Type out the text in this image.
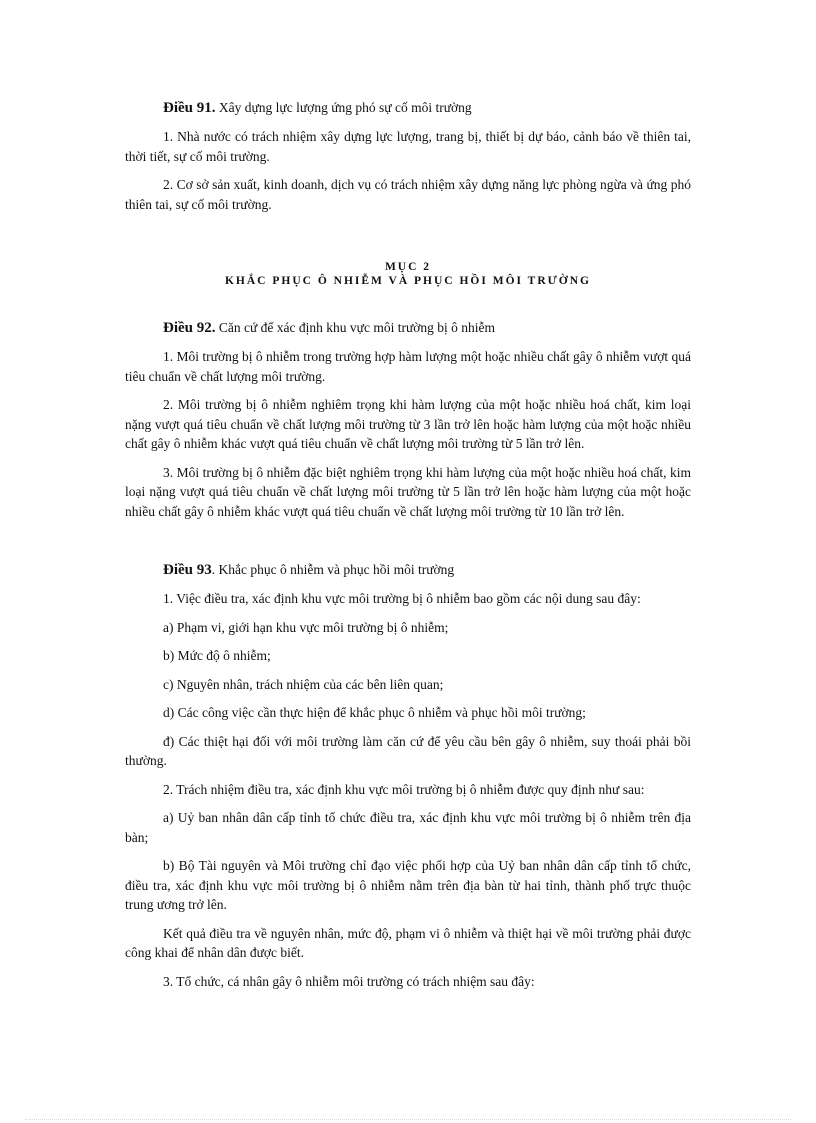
Điều 91. Xây dựng lực lượng ứng phó sự cố môi trường

1. Nhà nước có trách nhiệm xây dựng lực lượng, trang bị, thiết bị dự báo, cảnh báo về thiên tai, thời tiết, sự cố môi trường.

2. Cơ sở sản xuất, kinh doanh, dịch vụ có trách nhiệm xây dựng năng lực phòng ngừa và ứng phó thiên tai, sự cố môi trường.

MỤC 2

KHẮC PHỤC Ô NHIỄM VÀ PHỤC HỒI MÔI TRƯỜNG

Điều 92. Căn cứ để xác định khu vực môi trường bị ô nhiễm

1. Môi trường bị ô nhiễm trong trường hợp hàm lượng một hoặc nhiều chất gây ô nhiễm vượt quá tiêu chuẩn về chất lượng môi trường.

2. Môi trường bị ô nhiễm nghiêm trọng khi hàm lượng của một hoặc nhiều hoá chất, kim loại nặng vượt quá tiêu chuẩn về chất lượng môi trường từ 3 lần trở lên hoặc hàm lượng của một hoặc nhiều chất gây ô nhiễm khác vượt quá tiêu chuẩn về chất lượng môi trường từ 5 lần trở lên.

3. Môi trường bị ô nhiễm đặc biệt nghiêm trọng khi hàm lượng của một hoặc nhiều hoá chất, kim loại nặng vượt quá tiêu chuẩn về chất lượng môi trường từ 5 lần trở lên hoặc hàm lượng của một hoặc nhiều chất gây ô nhiễm khác vượt quá tiêu chuẩn về chất lượng môi trường từ 10 lần trở lên.

Điều 93. Khắc phục ô nhiễm và phục hồi môi trường

1. Việc điều tra, xác định khu vực môi trường bị ô nhiễm bao gồm các nội dung sau đây:

a) Phạm vi, giới hạn khu vực môi trường bị ô nhiễm;

b) Mức độ ô nhiễm;

c) Nguyên nhân, trách nhiệm của các bên liên quan;

d) Các công việc cần thực hiện để khắc phục ô nhiễm và phục hồi môi trường;

đ) Các thiệt hại đối với môi trường làm căn cứ để yêu cầu bên gây ô nhiễm, suy thoái phải bồi thường.

2. Trách nhiệm điều tra, xác định khu vực môi trường bị ô nhiễm được quy định như sau:

a) Uỷ ban nhân dân cấp tỉnh tổ chức điều tra, xác định khu vực môi trường bị ô nhiễm trên địa bàn;

b) Bộ Tài nguyên và Môi trường chỉ đạo việc phối hợp của Uỷ ban nhân dân cấp tỉnh tổ chức, điều tra, xác định khu vực môi trường bị ô nhiễm nằm trên địa bàn từ hai tỉnh, thành phố trực thuộc trung ương trở lên.

Kết quả điều tra về nguyên nhân, mức độ, phạm vi ô nhiễm và thiệt hại về môi trường phải được công khai để nhân dân được biết.

3. Tổ chức, cá nhân gây ô nhiễm môi trường có trách nhiệm sau đây:
